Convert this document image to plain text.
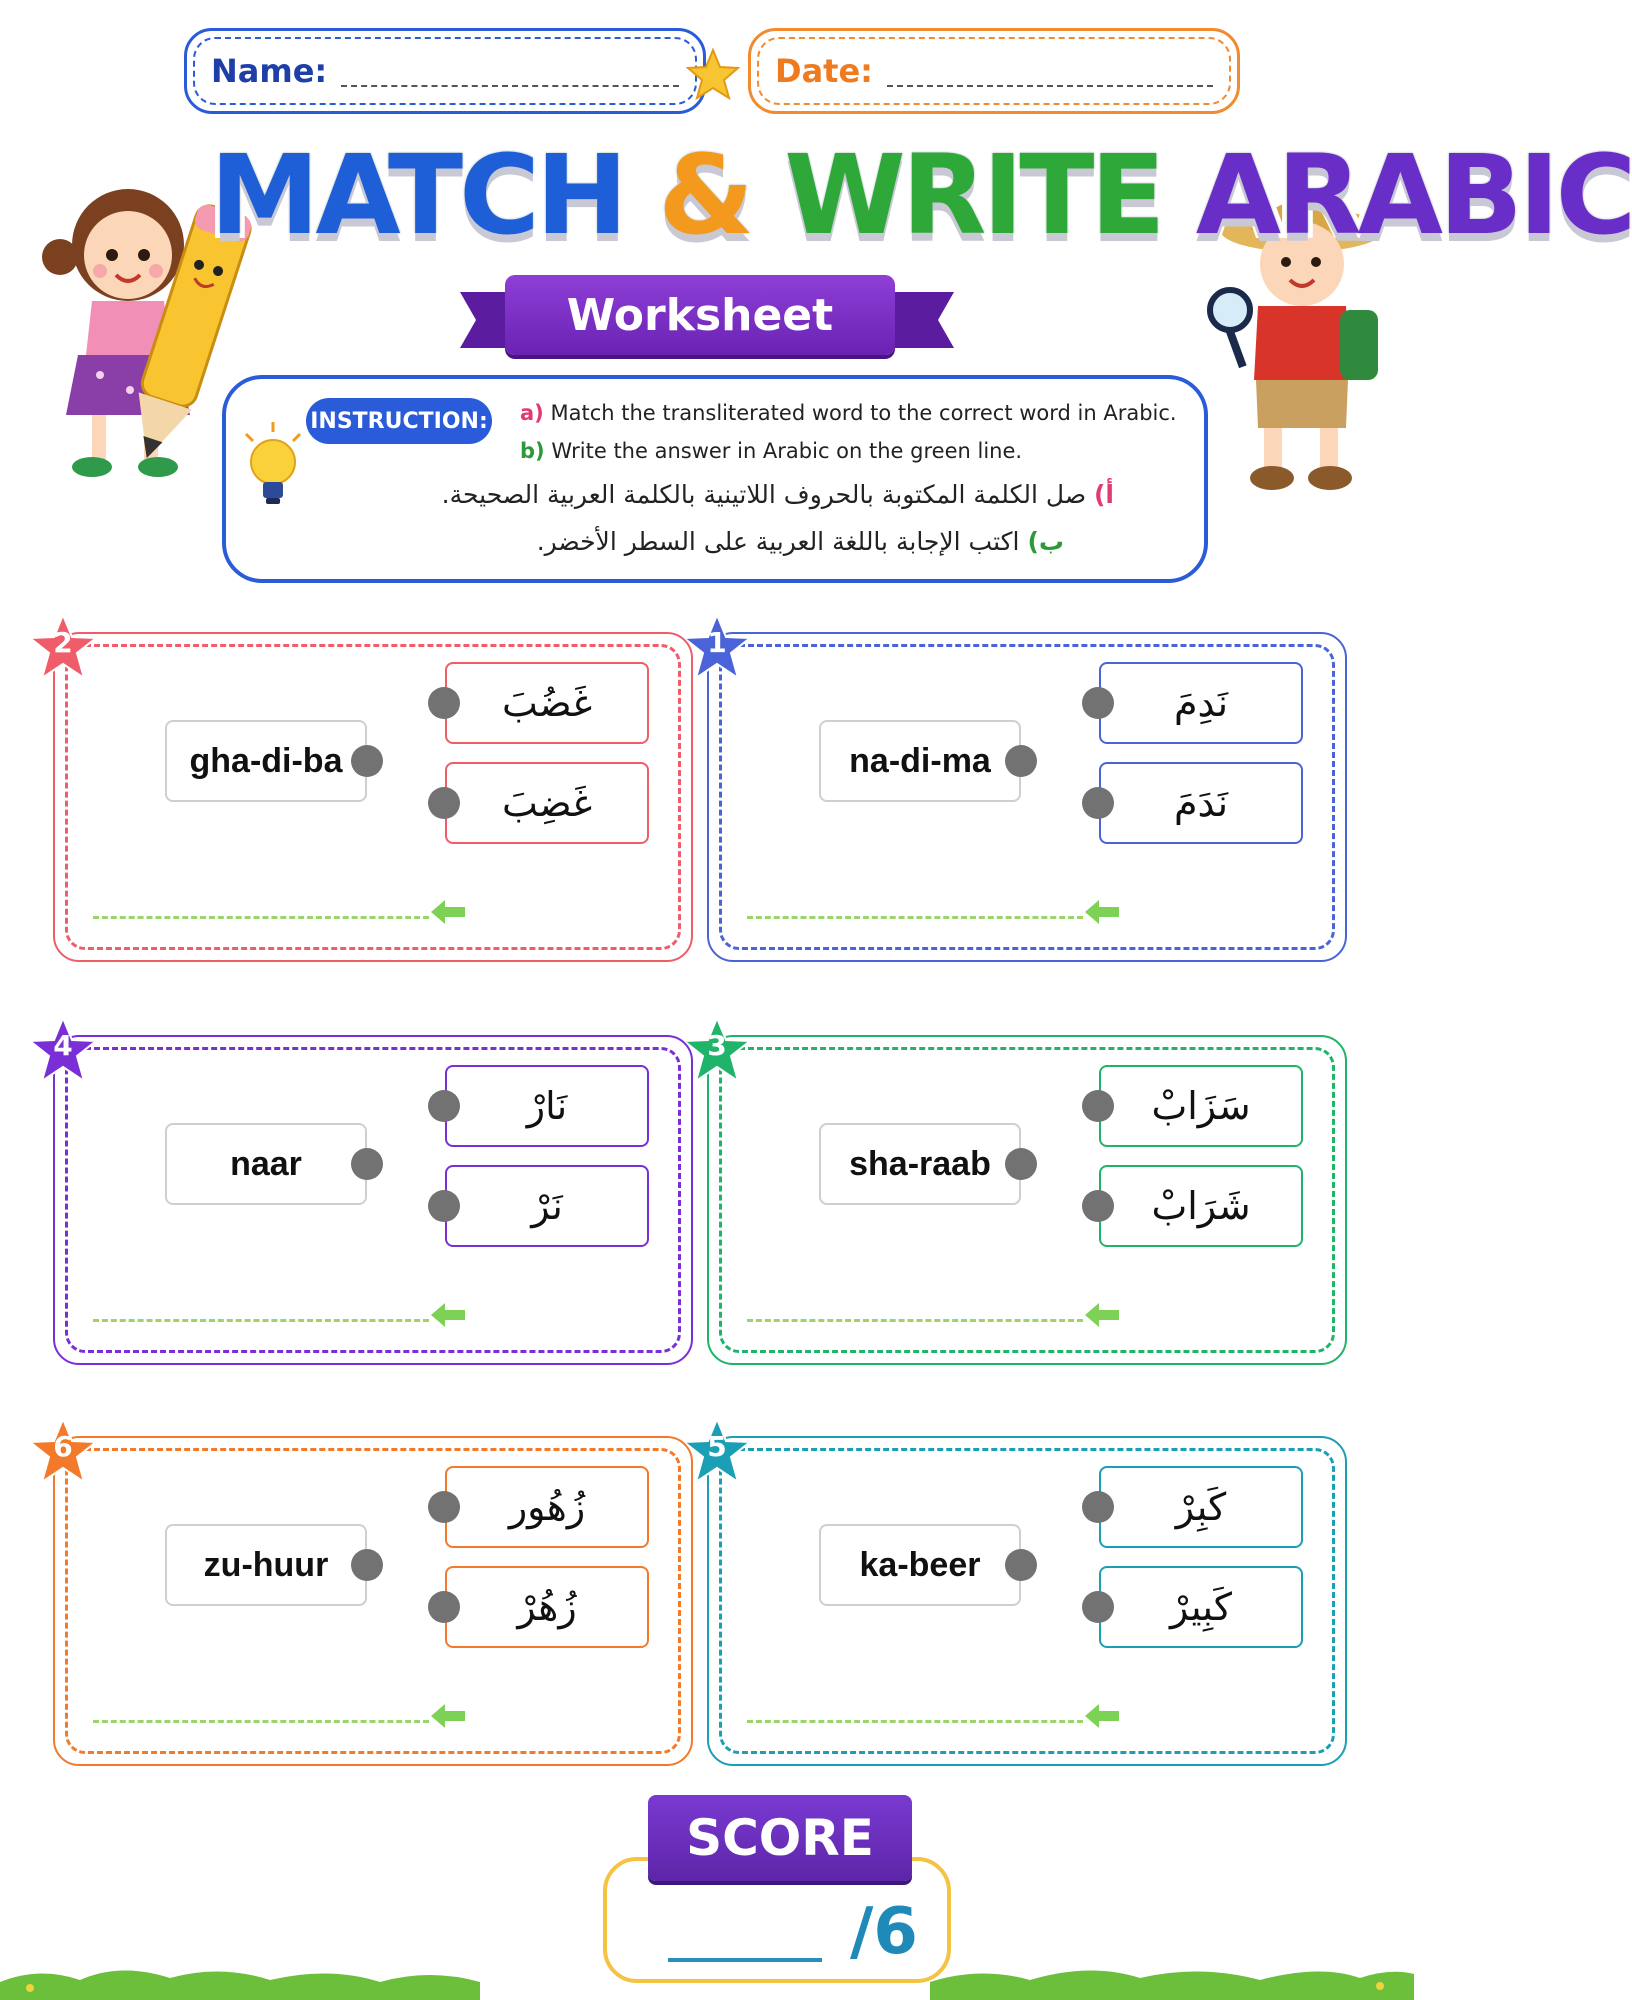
Name:	Date:
MATCH & WRITE ARABIC
Worksheet
INSTRUCTION: a) Match the transliterated word to the correct word in Arabic.
b) Write the answer in Arabic on the green line.
أ) صل الكلمة المكتوبة بالحروف اللاتينية بالكلمة العربية الصحيحة.
ب) اكتب الإجابة باللغة العربية على السطر الأخضر.
na-di-ma
نَدِمَ
نَدَمَ
1
gha-di-ba
غَضُبَ
غَضِبَ
2
sha-raab
سَزَابْ
شَرَابْ
3
naar
نَارْ
نَرْ
4
ka-beer
كَبِرْ
كَبِيرْ
5
zu-huur
زُهُور
زُهُرْ
6
SCORE
/6
